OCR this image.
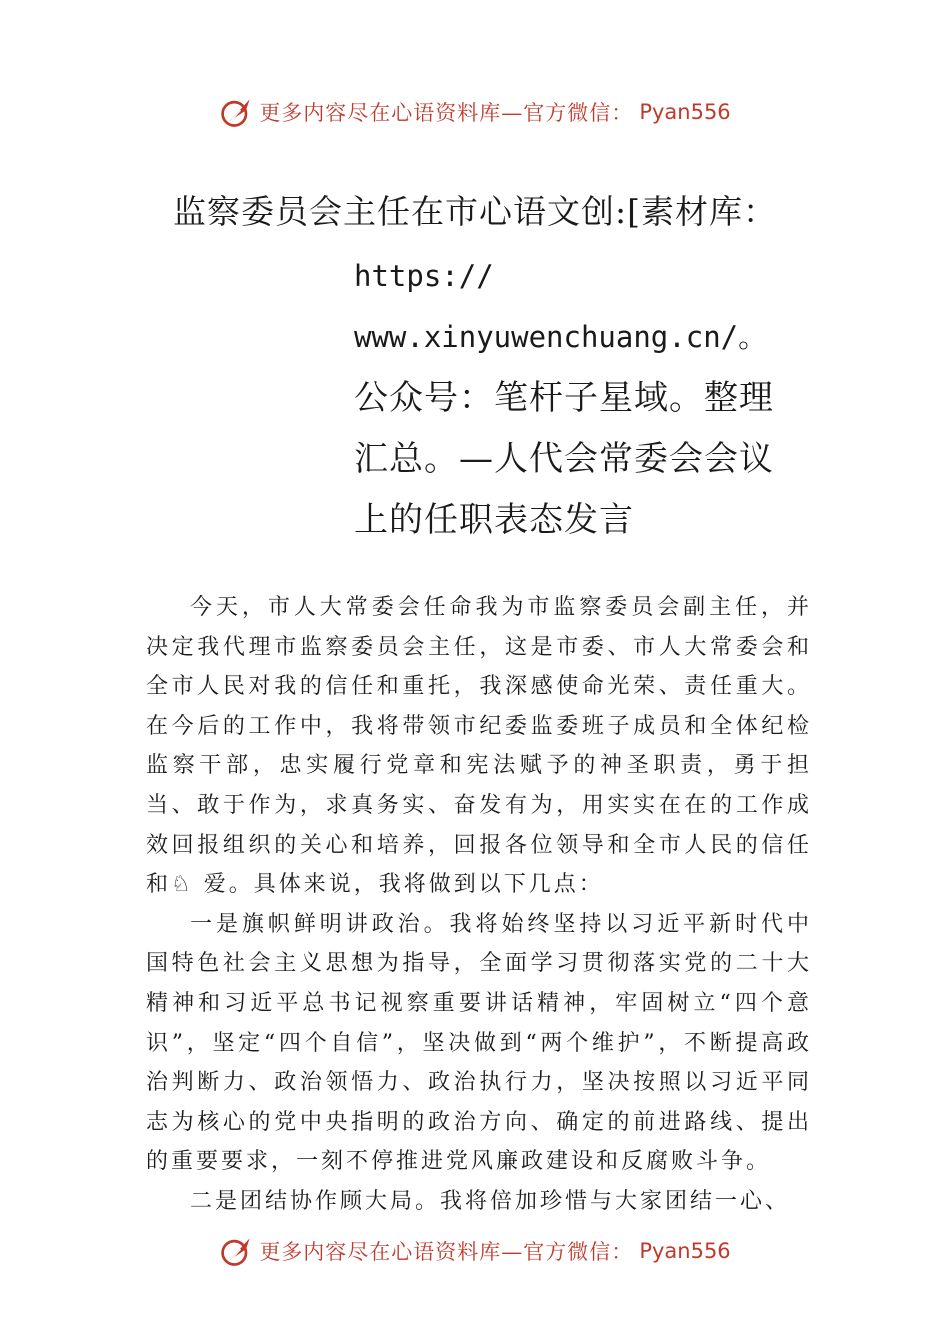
更多内容尽在心语资料库—官方微信： Pyan556
监察委员会主任在市心语文创:[素材库：
https://
www.xinyuwenchuang.cn/。
公众号：笔杆子星域。整理
汇总。—人代会常委会会议
上的任职表态发言

今天，市人大常委会任命我为市监察委员会副主任，并决定我代理市监察委员会主任，这是市委、市人大常委会和全市人民对我的信任和重托，我深感使命光荣、责任重大。 在今后的工作中，我将带领市纪委监委班子成员和全体纪检监察干部，忠实履行党章和宪法赋予的神圣职责，勇于担当、敢于作为，求真务实、奋发有为，用实实在在的工作成效回报组织的关心和培养，回报各位领导和全市人民的信任和♘ 爱。具体来说，我将做到以下几点：

一是旗帜鲜明讲政治。我将始终坚持以习近平新时代中国特色社会主义思想为指导，全面学习贯彻落实党的二十大精神和习近平总书记视察重要讲话精神，牢固树立“四个意识”，坚定“四个自信”，坚决做到“两个维护”，不断提高政治判断力、政治领悟力、政治执行力，坚决按照以习近平同志为核心的党中央指明的政治方向、确定的前进路线、提出的重要要求，一刻不停推进党风廉政建设和反腐败斗争。

二是团结协作顾大局。我将倍加珍惜与大家团结一心、

更多内容尽在心语资料库—官方微信： Pyan556
